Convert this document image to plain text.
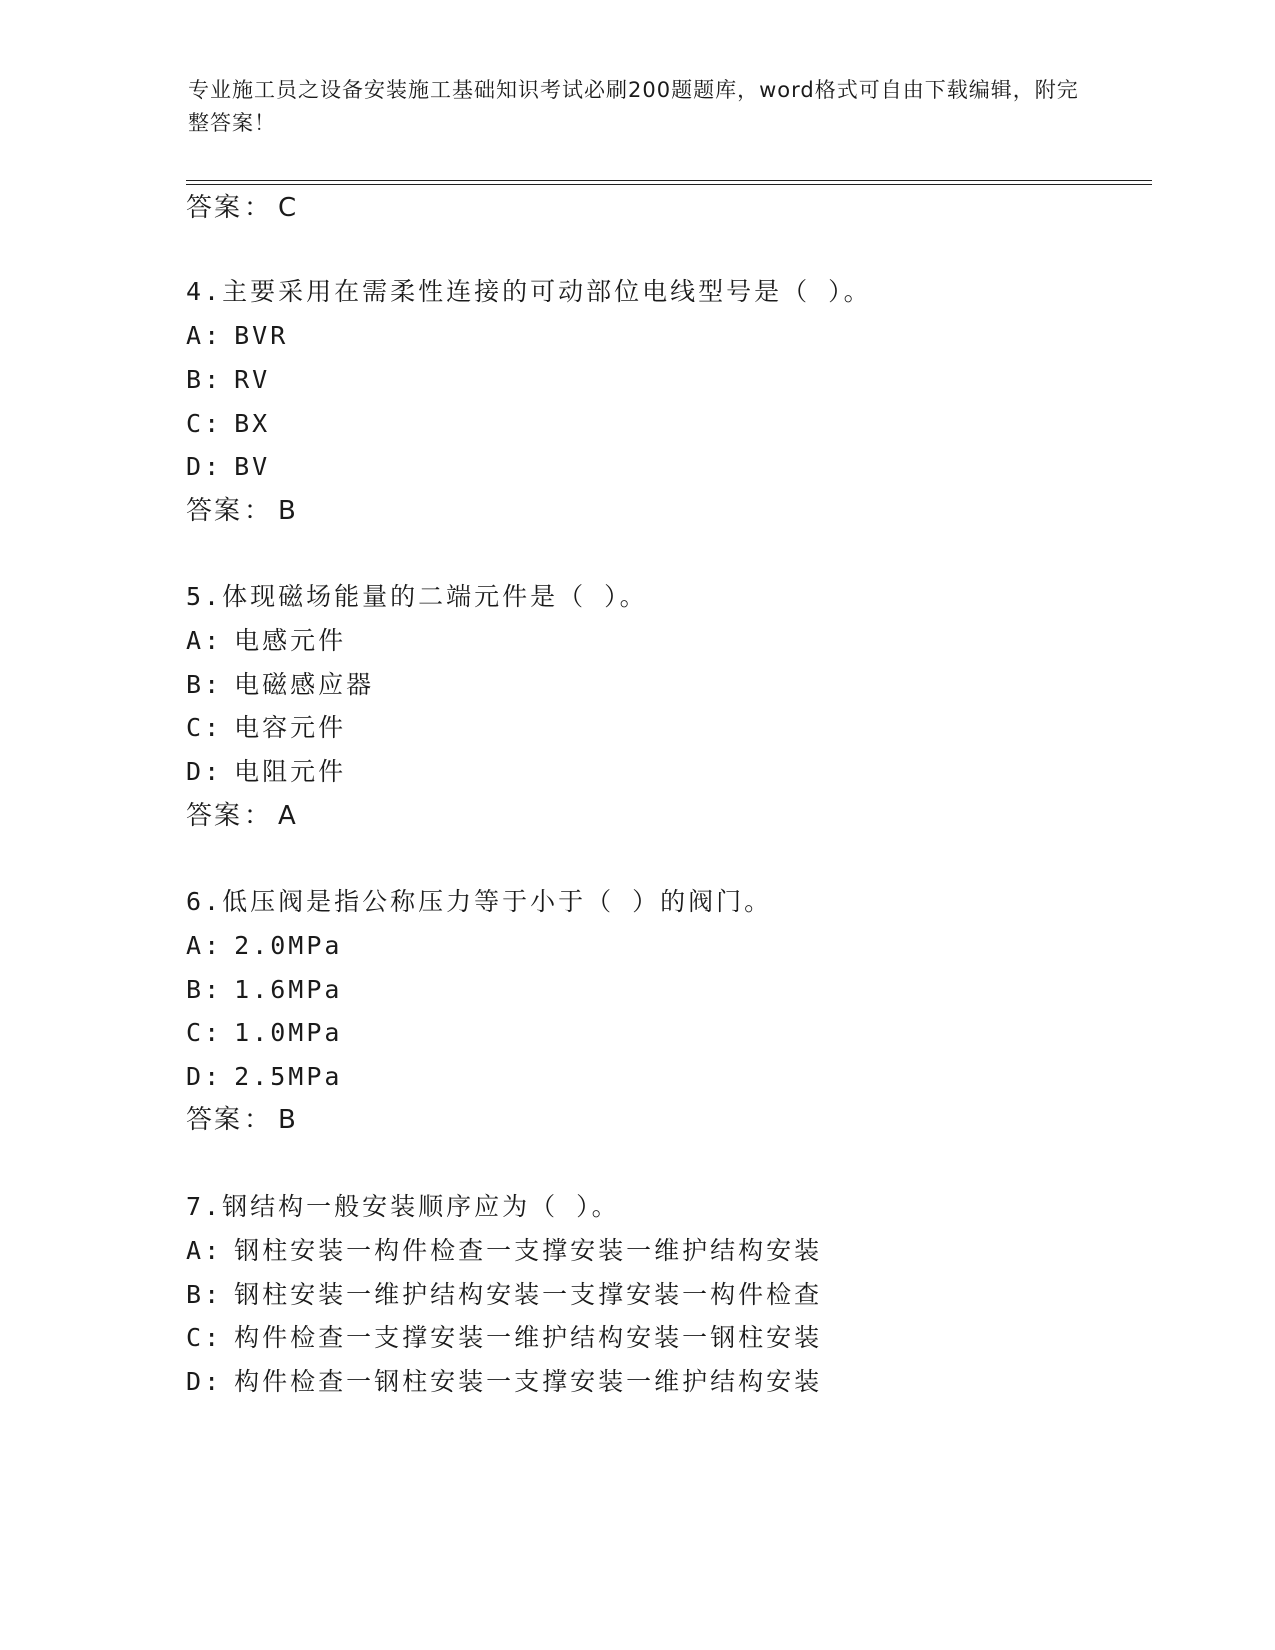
专业施工员之设备安装施工基础知识考试必刷200题题库，word格式可自由下载编辑，附完整答案！
答案： C
4.主要采用在需柔性连接的可动部位电线型号是（ ）。
A: BVR
B: RV
C: BX
D: BV
答案： B
5.体现磁场能量的二端元件是（ ）。
A: 电感元件
B: 电磁感应器
C: 电容元件
D: 电阻元件
答案： A
6.低压阀是指公称压力等于小于（ ）的阀门。
A: 2.0MPa
B: 1.6MPa
C: 1.0MPa
D: 2.5MPa
答案： B
7.钢结构一般安装顺序应为（ ）。
A: 钢柱安装一构件检查一支撑安装一维护结构安装
B: 钢柱安装一维护结构安装一支撑安装一构件检查
C: 构件检查一支撑安装一维护结构安装一钢柱安装
D: 构件检查一钢柱安装一支撑安装一维护结构安装
